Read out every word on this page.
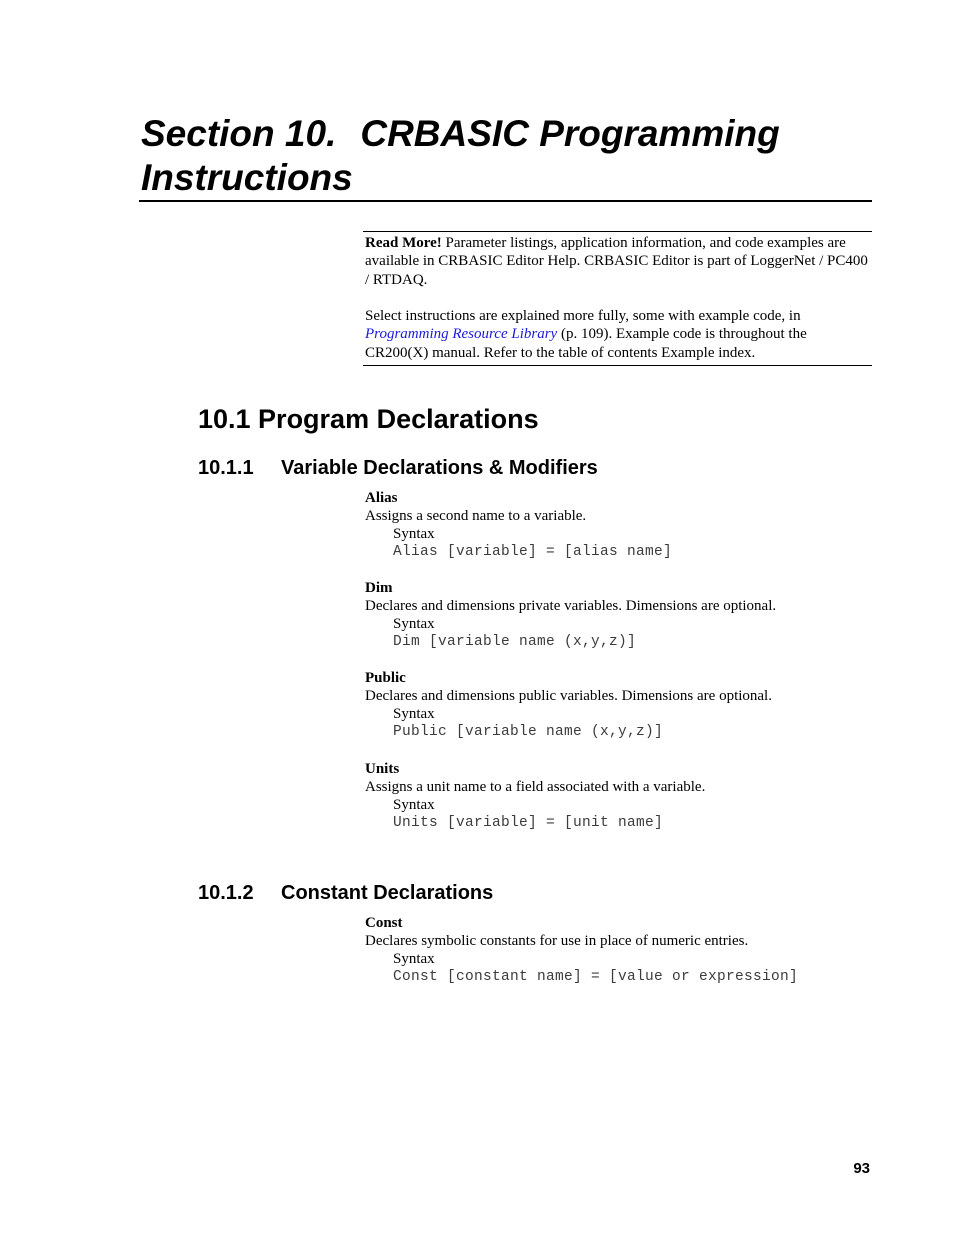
Section 10. CRBASIC Programming
Instructions

Read More! Parameter listings, application information, and code examples are available in CRBASIC Editor Help. CRBASIC Editor is part of LoggerNet / PC400 / RTDAQ.

Select instructions are explained more fully, some with example code, in Programming Resource Library (p. 109). Example code is throughout the CR200(X) manual. Refer to the table of contents Example index.

10.1 Program Declarations
10.1.1 Variable Declarations & Modifiers
Alias
Assigns a second name to a variable.
Syntax
Alias [variable] = [alias name]
Dim
Declares and dimensions private variables. Dimensions are optional.
Syntax
Dim [variable name (x,y,z)]
Public
Declares and dimensions public variables. Dimensions are optional.
Syntax
Public [variable name (x,y,z)]
Units
Assigns a unit name to a field associated with a variable.
Syntax
Units [variable] = [unit name]
10.1.2 Constant Declarations
Const
Declares symbolic constants for use in place of numeric entries.
Syntax
Const [constant name] = [value or expression]
93
